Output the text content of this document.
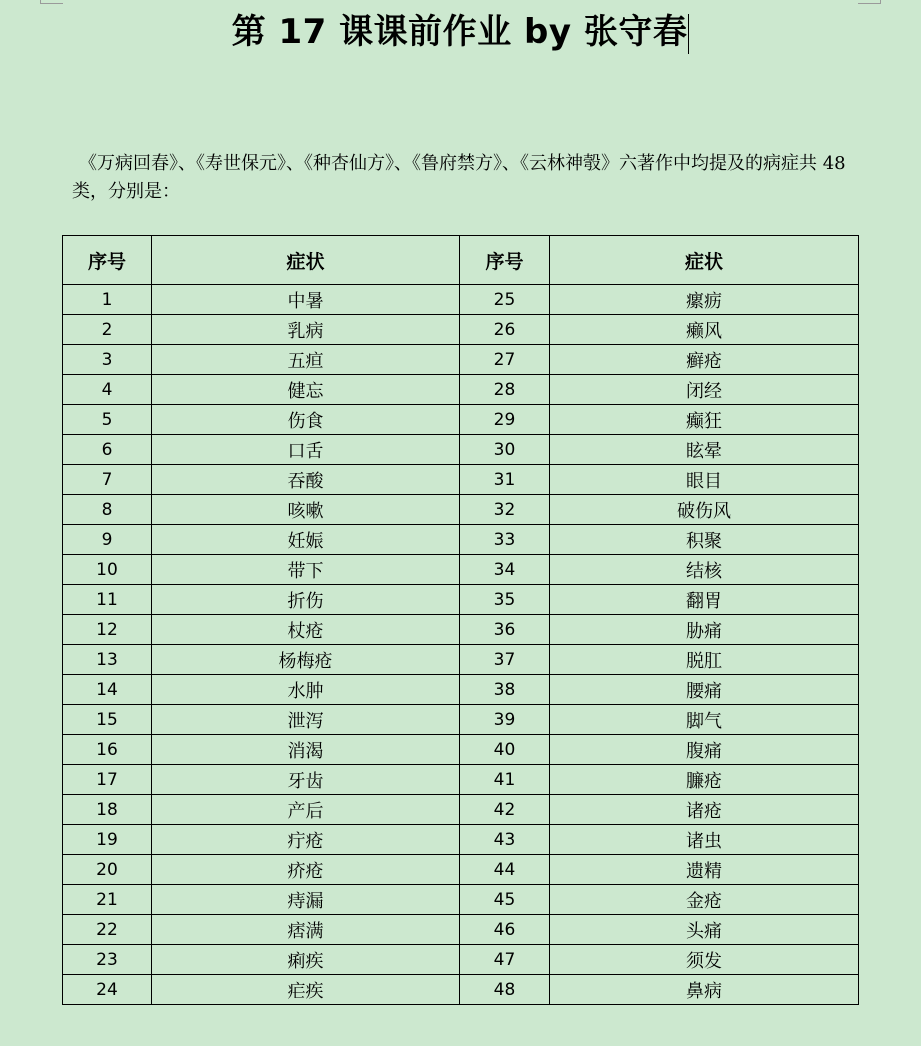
第 17 课课前作业 by 张守春
《万病回春》、《寿世保元》、《种杏仙方》、《鲁府禁方》、《云林神彀》六著作中均提及的病症共 48 类，分别是：
序号	症状	序号	症状
1	中暑	25	瘰疬
2	乳病	26	癞风
3	五疸	27	癣疮
4	健忘	28	闭经
5	伤食	29	癫狂
6	口舌	30	眩晕
7	吞酸	31	眼目
8	咳嗽	32	破伤风
9	妊娠	33	积聚
10	带下	34	结核
11	折伤	35	翻胃
12	杖疮	36	胁痛
13	杨梅疮	37	脱肛
14	水肿	38	腰痛
15	泄泻	39	脚气
16	消渴	40	腹痛
17	牙齿	41	臁疮
18	产后	42	诸疮
19	疔疮	43	诸虫
20	疥疮	44	遗精
21	痔漏	45	金疮
22	痞满	46	头痛
23	痢疾	47	须发
24	疟疾	48	鼻病
